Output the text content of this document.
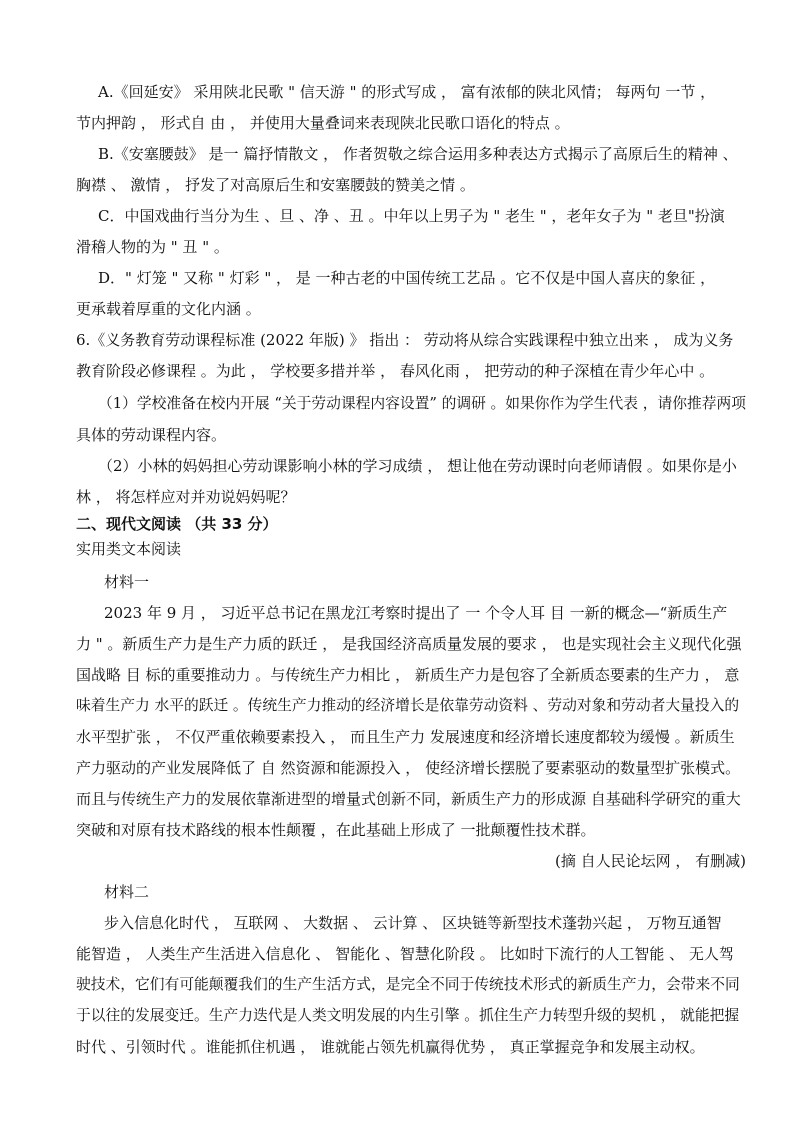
A.《回延安》 采用陕北民歌 " 信天游 " 的形式写成 ， 富有浓郁的陕北风情； 每两句 一节 ，
节内押韵 ， 形式自 由 ， 并使用大量叠词来表现陕北民歌口语化的特点 。
B.《安塞腰鼓》 是一 篇抒情散文 ， 作者贺敬之综合运用多种表达方式揭示了高原后生的精神 、
胸襟 、 激情 ， 抒发了对高原后生和安塞腰鼓的赞美之情 。
C．中国戏曲行当分为生 、旦 、净 、丑 。中年以上男子为 " 老生 " ，老年女子为 " 老旦"扮演
滑稽人物的为 " 丑 " 。
D．" 灯笼 " 又称 " 灯彩 " ， 是 一种古老的中国传统工艺品 。它不仅是中国人喜庆的象征 ，
更承载着厚重的文化内涵 。
6.《义务教育劳动课程标准 (2022 年版) 》 指出 ： 劳动将从综合实践课程中独立出来 ， 成为义务
教育阶段必修课程 。为此 ， 学校要多措并举 ， 春风化雨 ， 把劳动的种子深植在青少年心中 。
（1）学校准备在校内开展 “关于劳动课程内容设置” 的调研 。如果你作为学生代表 ，请你推荐两项
具体的劳动课程内容。
（2）小林的妈妈担心劳动课影响小林的学习成绩 ， 想让他在劳动课时向老师请假 。如果你是小
林 ， 将怎样应对并劝说妈妈呢？
二、现代文阅读 （共 33 分）
实用类文本阅读
材料一
2023 年 9 月 ， 习近平总书记在黑龙江考察时提出了 一 个令人耳 目 一新的概念—“新质生产
力 " 。新质生产力是生产力质的跃迁 ， 是我国经济高质量发展的要求 ， 也是实现社会主义现代化强
国战略 目 标的重要推动力 。与传统生产力相比 ， 新质生产力是包容了全新质态要素的生产力 ， 意
味着生产力 水平的跃迁 。传统生产力推动的经济增长是依靠劳动资料 、劳动对象和劳动者大量投入的
水平型扩张 ， 不仅严重依赖要素投入 ， 而且生产力 发展速度和经济增长速度都较为缓慢 。新质生
产力驱动的产业发展降低了 自 然资源和能源投入 ， 使经济增长摆脱了要素驱动的数量型扩张模式。
而且与传统生产力的发展依靠渐进型的增量式创新不同，新质生产力的形成源 自基础科学研究的重大
突破和对原有技术路线的根本性颠覆 ，在此基础上形成了 一批颠覆性技术群。
(摘 自人民论坛网 ， 有删减)
材料二
步入信息化时代 ， 互联网 、 大数据 、 云计算 、 区块链等新型技术蓬勃兴起 ， 万物互通智
能智造 ， 人类生产生活进入信息化 、 智能化 、智慧化阶段 。 比如时下流行的人工智能 、 无人驾
驶技术，它们有可能颠覆我们的生产生活方式，是完全不同于传统技术形式的新质生产力，会带来不同
于以往的发展变迁。生产力迭代是人类文明发展的内生引擎 。抓住生产力转型升级的契机 ， 就能把握
时代 、引领时代 。谁能抓住机遇 ， 谁就能占领先机赢得优势 ， 真正掌握竞争和发展主动权。
